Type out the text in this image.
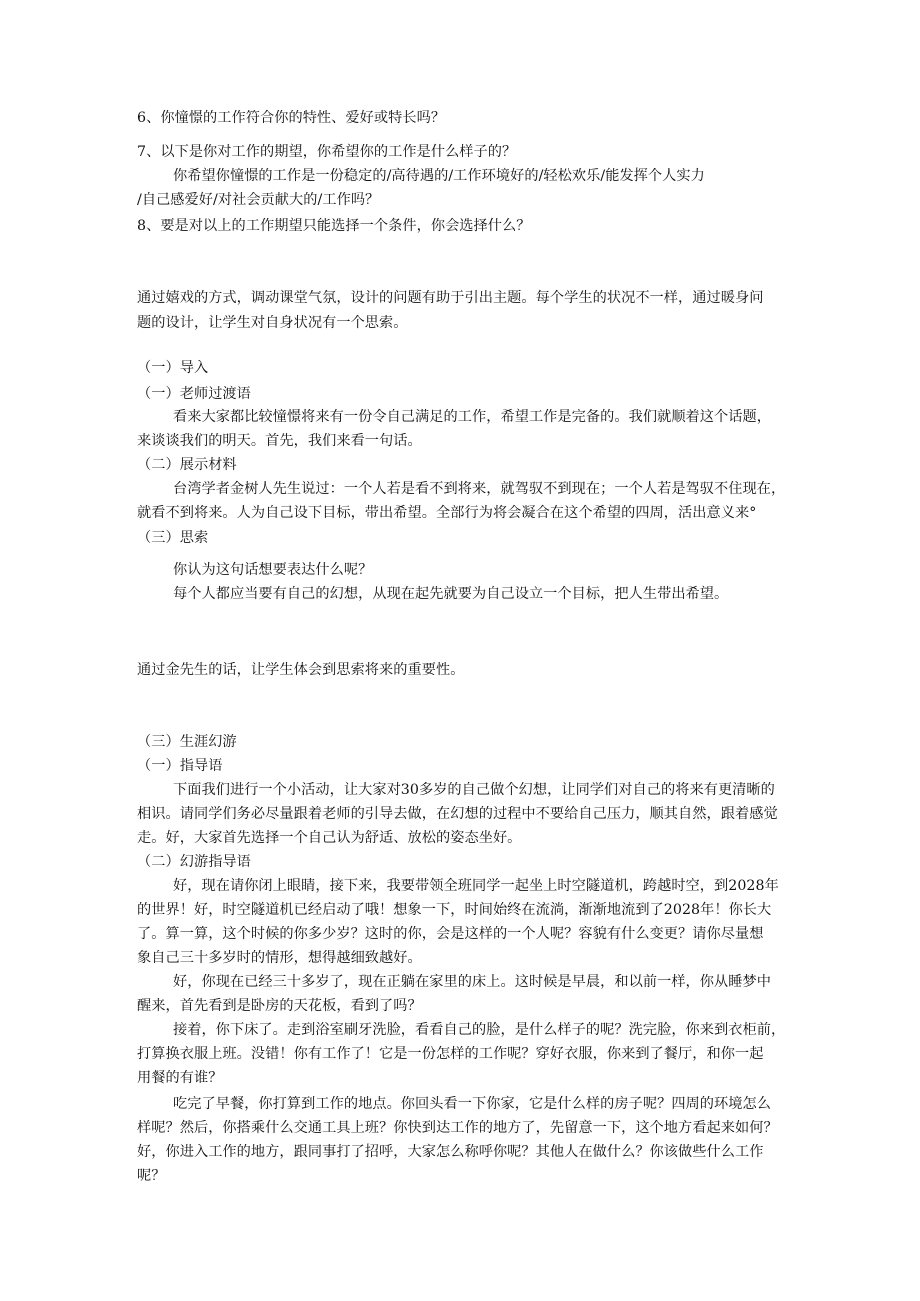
6、你憧憬的工作符合你的特性、爱好或特长吗？
7、以下是你对工作的期望，你希望你的工作是什么样子的？
你希望你憧憬的工作是一份稳定的/高待遇的/工作环境好的/轻松欢乐/能发挥个人实力
/自己感爱好/对社会贡献大的/工作吗？
8、要是对以上的工作期望只能选择一个条件，你会选择什么？
通过嬉戏的方式，调动课堂气氛，设计的问题有助于引出主题。每个学生的状况不一样，通过暖身问
题的设计，让学生对自身状况有一个思索。
（一）导入
（一）老师过渡语
看来大家都比较憧憬将来有一份令自己满足的工作，希望工作是完备的。我们就顺着这个话题，
来谈谈我们的明天。首先，我们来看一句话。
（二）展示材料
台湾学者金树人先生说过：一个人若是看不到将来，就驾驭不到现在；一个人若是驾驭不住现在，
就看不到将来。人为自己设下目标，带出希望。全部行为将会凝合在这个希望的四周，活出意义来°
（三）思索
你认为这句话想要表达什么呢？
每个人都应当要有自己的幻想，从现在起先就要为自己设立一个目标，把人生带出希望。
通过金先生的话，让学生体会到思索将来的重要性。
（三）生涯幻游
（一）指导语
下面我们进行一个小活动，让大家对30多岁的自己做个幻想，让同学们对自己的将来有更清晰的
相识。请同学们务必尽量跟着老师的引导去做，在幻想的过程中不要给自己压力，顺其自然，跟着感觉
走。好，大家首先选择一个自己认为舒适、放松的姿态坐好。
（二）幻游指导语
好，现在请你闭上眼睛，接下来，我要带领全班同学一起坐上时空隧道机，跨越时空，到2028年
的世界！好，时空隧道机已经启动了哦！想象一下，时间始终在流淌，渐渐地流到了2028年！你长大
了。算一算，这个时候的你多少岁？这时的你，会是这样的一个人呢？容貌有什么变更？请你尽量想
象自己三十多岁时的情形，想得越细致越好。
好，你现在已经三十多岁了，现在正躺在家里的床上。这时候是早晨，和以前一样，你从睡梦中
醒来，首先看到是卧房的天花板，看到了吗？
接着，你下床了。走到浴室刷牙洗脸，看看自己的脸，是什么样子的呢？洗完脸，你来到衣柜前，
打算换衣服上班。没错！你有工作了！它是一份怎样的工作呢？穿好衣服，你来到了餐厅，和你一起
用餐的有谁？
吃完了早餐，你打算到工作的地点。你回头看一下你家，它是什么样的房子呢？四周的环境怎么
样呢？然后，你搭乘什么交通工具上班？你快到达工作的地方了，先留意一下，这个地方看起来如何？
好，你进入工作的地方，跟同事打了招呼，大家怎么称呼你呢？其他人在做什么？你该做些什么工作
呢？
